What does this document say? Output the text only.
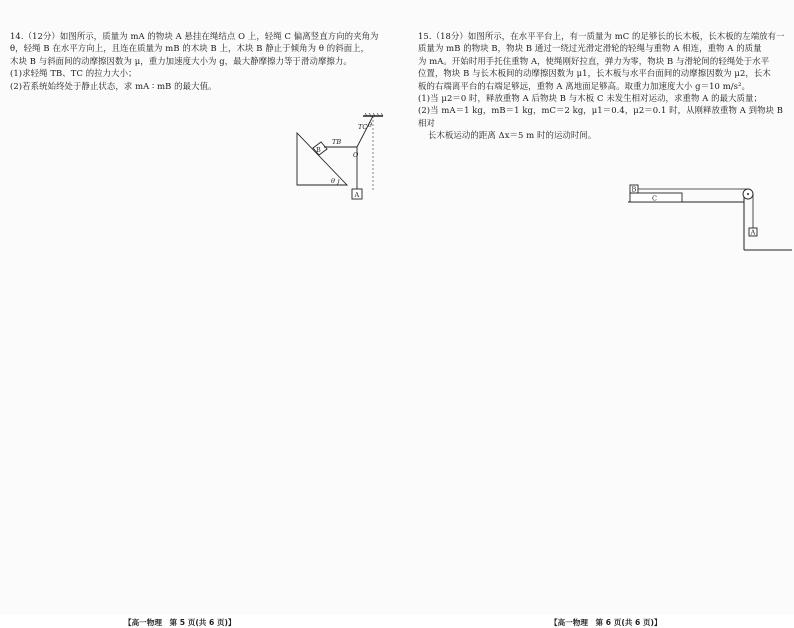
14.（12分）如图所示，质量为 mA 的物块 A 悬挂在绳结点 O 上，轻绳 C 偏离竖直方向的夹角为

θ，轻绳 B 在水平方向上，且连在质量为 mB 的木块 B 上，木块 B 静止于倾角为 θ 的斜面上，

木块 B 与斜面间的动摩擦因数为 μ，重力加速度大小为 g，最大静摩擦力等于滑动摩擦力。

(1)求轻绳 TB、TC 的拉力大小；

(2)若系统始终处于静止状态，求 mA ∶ mB 的最大值。

B
TB
TC θ
O
A
θ
【高一物理　第 5 页(共 6 页)】

15.（18分）如图所示，在水平平台上，有一质量为 mC 的足够长的长木板，长木板的左端放有一

质量为 mB 的物块 B，物块 B 通过一绕过光滑定滑轮的轻绳与重物 A 相连，重物 A 的质量

为 mA。开始时用手托住重物 A，使绳刚好拉直，弹力为零，物块 B 与滑轮间的轻绳处于水平

位置，物块 B 与长木板间的动摩擦因数为 μ1，长木板与水平台面间的动摩擦因数为 μ2，长木

板的右端离平台的右端足够远，重物 A 离地面足够高。取重力加速度大小 g＝10 m/s²。

(1)当 μ2＝0 时，释放重物 A 后物块 B 与木板 C 未发生相对运动，求重物 A 的最大质量；

(2)当 mA＝1 kg，mB＝1 kg，mC＝2 kg，μ1＝0.4，μ2＝0.1 时，从刚释放重物 A 到物块 B 相对

长木板运动的距离 Δx＝5 m 时的运动时间。

C
B
A
【高一物理　第 6 页(共 6 页)】
